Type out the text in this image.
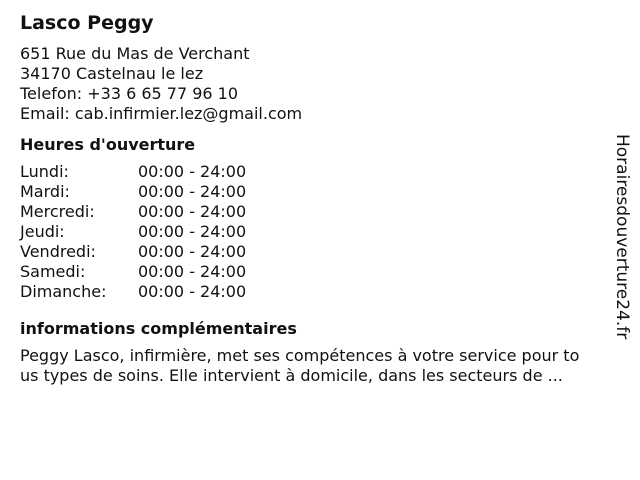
Lasco Peggy
651 Rue du Mas de Verchant
34170 Castelnau le lez
Telefon: +33 6 65 77 96 10
Email: cab.infirmier.lez@gmail.com
Heures d'ouverture
Lundi:	00:00 - 24:00
Mardi:	00:00 - 24:00
Mercredi:	00:00 - 24:00
Jeudi:	00:00 - 24:00
Vendredi:	00:00 - 24:00
Samedi:	00:00 - 24:00
Dimanche:	00:00 - 24:00
informations complémentaires
Peggy Lasco, infirmière, met ses compétences à votre service pour to
us types de soins. Elle intervient à domicile, dans les secteurs de ...
Horairesdouverture24.fr
